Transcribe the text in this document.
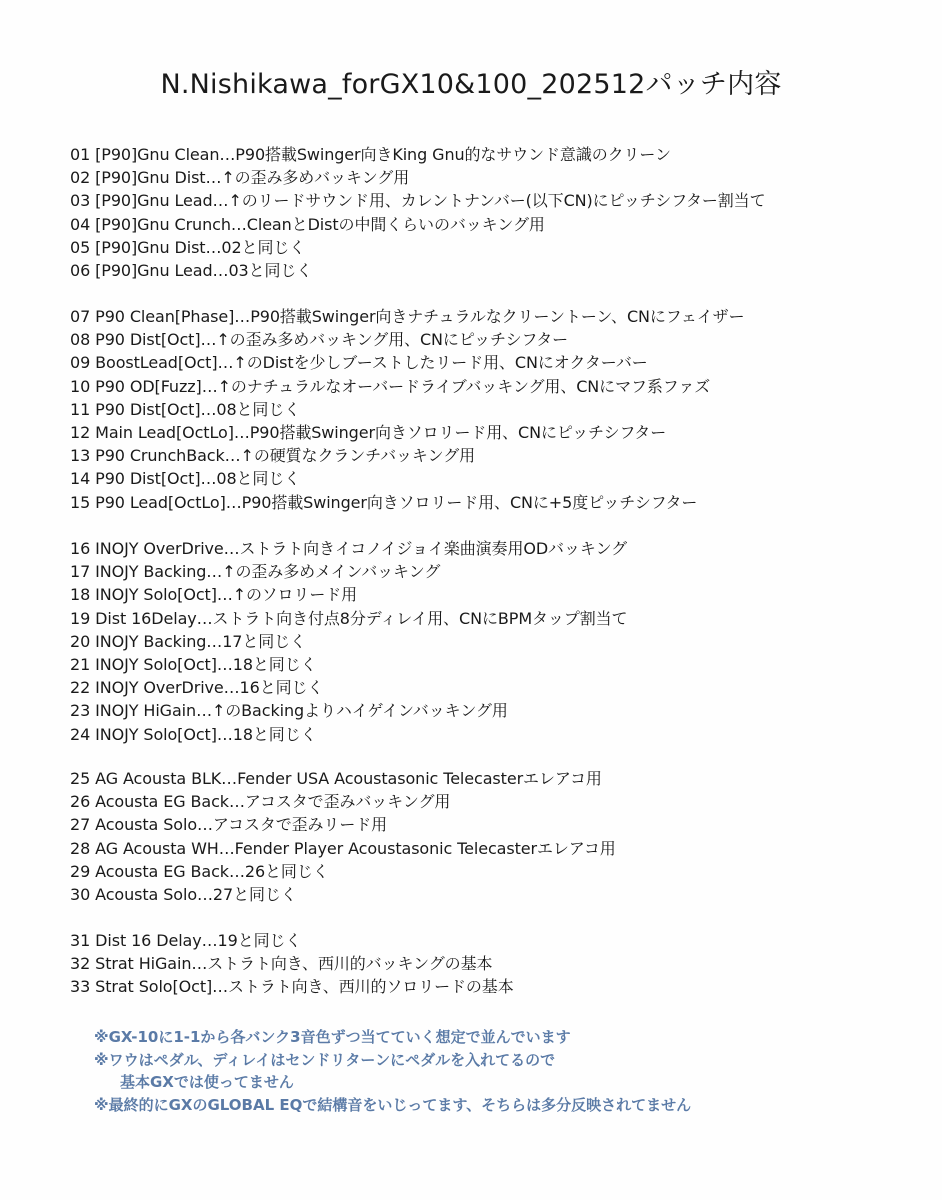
N.Nishikawa_forGX10&100_202512パッチ内容
01 [P90]Gnu Clean…P90搭載Swinger向きKing Gnu的なサウンド意識のクリーン
02 [P90]Gnu Dist…↑の歪み多めバッキング用
03 [P90]Gnu Lead…↑のリードサウンド用、カレントナンバー(以下CN)にピッチシフター割当て
04 [P90]Gnu Crunch…CleanとDistの中間くらいのバッキング用
05 [P90]Gnu Dist…02と同じく
06 [P90]Gnu Lead…03と同じく
07 P90 Clean[Phase]…P90搭載Swinger向きナチュラルなクリーントーン、CNにフェイザー
08 P90 Dist[Oct]…↑の歪み多めバッキング用、CNにピッチシフター
09 BoostLead[Oct]…↑のDistを少しブーストしたリード用、CNにオクターバー
10 P90 OD[Fuzz]…↑のナチュラルなオーバードライブバッキング用、CNにマフ系ファズ
11 P90 Dist[Oct]…08と同じく
12 Main Lead[OctLo]…P90搭載Swinger向きソロリード用、CNにピッチシフター
13 P90 CrunchBack…↑の硬質なクランチバッキング用
14 P90 Dist[Oct]…08と同じく
15 P90 Lead[OctLo]…P90搭載Swinger向きソロリード用、CNに+5度ピッチシフター
16 INOJY OverDrive…ストラト向きイコノイジョイ楽曲演奏用ODバッキング
17 INOJY Backing…↑の歪み多めメインバッキング
18 INOJY Solo[Oct]…↑のソロリード用
19 Dist 16Delay…ストラト向き付点8分ディレイ用、CNにBPMタップ割当て
20 INOJY Backing…17と同じく
21 INOJY Solo[Oct]…18と同じく
22 INOJY OverDrive…16と同じく
23 INOJY HiGain…↑のBackingよりハイゲインバッキング用
24 INOJY Solo[Oct]…18と同じく
25 AG Acousta BLK…Fender USA Acoustasonic Telecasterエレアコ用
26 Acousta EG Back…アコスタで歪みバッキング用
27 Acousta Solo…アコスタで歪みリード用
28 AG Acousta WH…Fender Player Acoustasonic Telecasterエレアコ用
29 Acousta EG Back…26と同じく
30 Acousta Solo…27と同じく
31 Dist 16 Delay…19と同じく
32 Strat HiGain…ストラト向き、西川的バッキングの基本
33 Strat Solo[Oct]…ストラト向き、西川的ソロリードの基本
※GX-10に1-1から各バンク3音色ずつ当てていく想定で並んでいます
※ワウはペダル、ディレイはセンドリターンにペダルを入れてるので
基本GXでは使ってません
※最終的にGXのGLOBAL EQで結構音をいじってます、そちらは多分反映されてません
